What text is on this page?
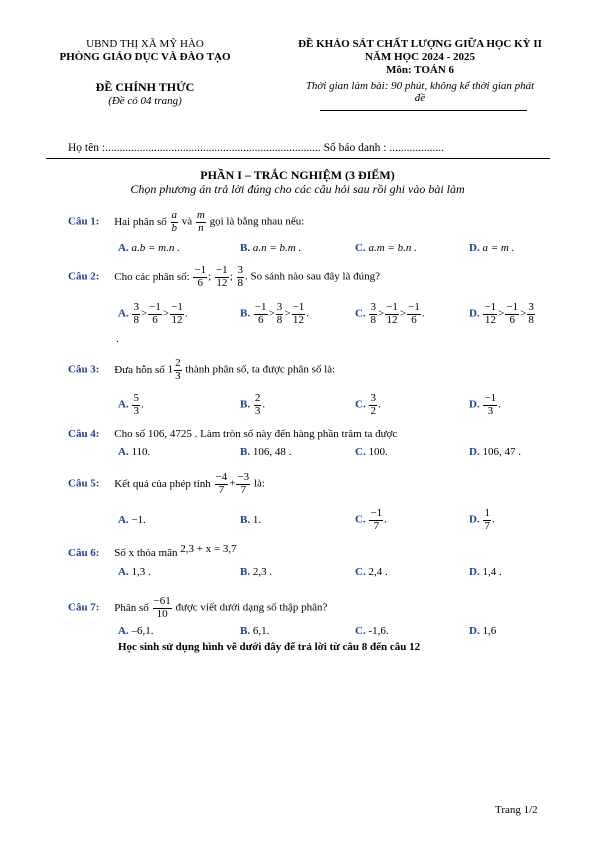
UBND THỊ XÃ MỸ HÀO
PHÒNG GIÁO DỤC VÀ ĐÀO TẠO
ĐỀ CHÍNH THỨC
(Đề có 04 trang)
ĐỀ KHẢO SÁT CHẤT LƯỢNG GIỮA HỌC KỲ II
NĂM HỌC 2024 - 2025
Môn: TOÁN 6
Thời gian làm bài: 90 phút, không kể thời gian phát
đề
Họ tên :........................................................................... Số báo danh : ...................
PHẦN I – TRẮC NGHIỆM (3 ĐIỂM)
Chọn phương án trả lời đúng cho các câu hỏi sau rồi ghi vào bài làm
Câu 1: Hai phân số $\frac{a}{b}$ và $\frac{m}{n}$ gọi là bằng nhau nếu:
A. a.b = m.n .	B. a.n = b.m .	C. a.m = b.n .	D. a = m .
Câu 2: Cho các phân số: $\frac{-1}{6}$ ; $\frac{-1}{12}$ ; $\frac{3}{8}$ . So sánh nào sau đây là đúng?
A. $\frac{3}{8} > \frac{-1}{6} > \frac{-1}{12}$ .	B. $\frac{-1}{6} > \frac{3}{8} > \frac{-1}{12}$ .	C. $\frac{3}{8} > \frac{-1}{12} > \frac{-1}{6}$ .	D. $\frac{-1}{12} > \frac{-1}{6} > \frac{3}{8}$
.
Câu 3: Đưa hỗn số $1 \frac{2}{3}$ thành phân số, ta được phân số là:
A. $\frac{5}{3}$ .	B. $\frac{2}{3}$ .	C. $\frac{3}{2}$ .	D. $\frac{-1}{3}$ .
Câu 4: Cho số 106, 4725 . Làm tròn số này đến hàng phần trăm ta được
A. 110.	B. 106, 48 .	C. 100.	D. 106, 47 .
Câu 5: Kết quả của phép tính $\frac{-4}{7} + \frac{-3}{7}$ là:
A. −1.	B. 1.	C. $\frac{-1}{7}$ .	D. $\frac{1}{7}$ .
Câu 6: Số x thỏa mãn 2,3 + x = 3,7
A. 1,3 .	B. 2,3 .	C. 2,4 .	D. 1,4 .
Câu 7: Phân số $\frac{-61}{10}$ được viết dưới dạng số thập phân?
A. –6,1.	B. 6,1.	C. -1,6.	D. 1,6
Học sinh sử dụng hình vẽ dưới đây để trả lời từ câu 8 đến câu 12
Trang 1/2
